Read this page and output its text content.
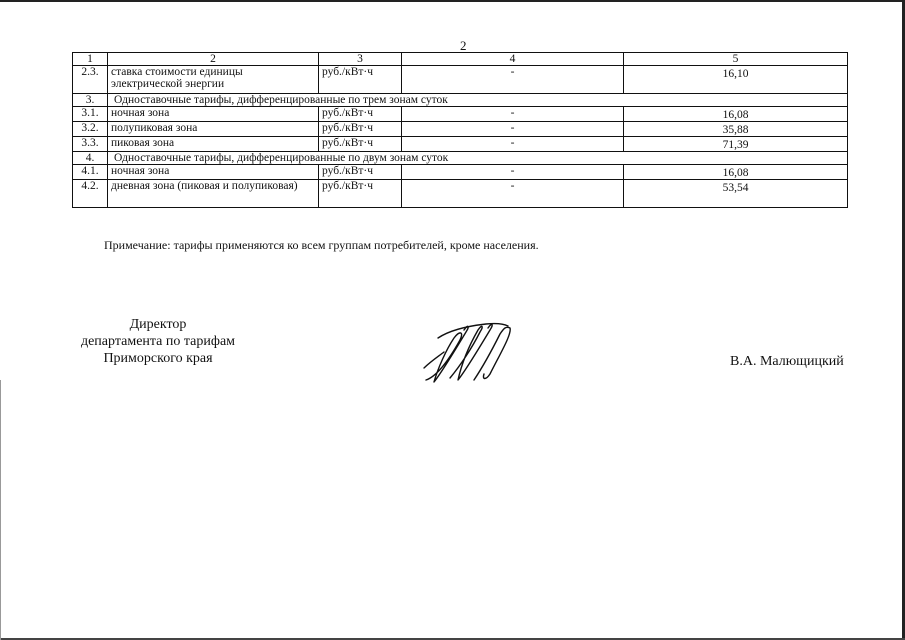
2
1	2	3	4	5
2.3.	ставка стоимости единицы электрической энергии	руб./кВт·ч	-	16,10
3.	Одноставочные тарифы, дифференцированные по трем зонам суток			
3.1.	ночная зона	руб./кВт·ч	-	16,08
3.2.	полупиковая зона	руб./кВт·ч	-	35,88
3.3.	пиковая зона	руб./кВт·ч	-	71,39
4.	Одноставочные тарифы, дифференцированные по двум зонам суток			
4.1.	ночная зона	руб./кВт·ч	-	16,08
4.2.	дневная зона (пиковая и полупиковая)	руб./кВт·ч	-	53,54
Примечание: тарифы применяются ко всем группам потребителей, кроме населения.
Директор
департамента по тарифам
Приморского края	В.А. Малющицкий
